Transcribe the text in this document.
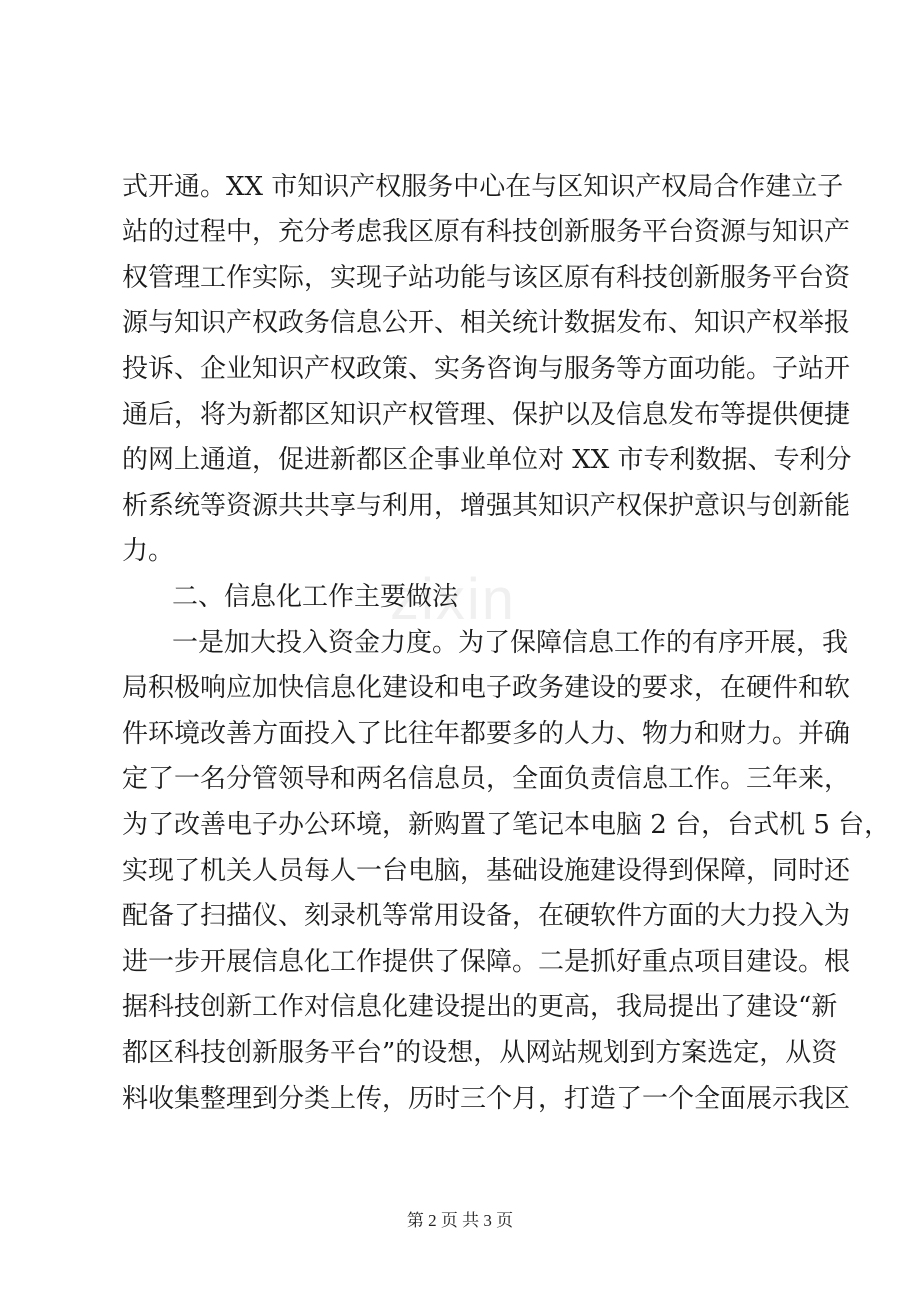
zixin
式开通。XX 市知识产权服务中心在与区知识产权局合作建立子
站的过程中，充分考虑我区原有科技创新服务平台资源与知识产
权管理工作实际，实现子站功能与该区原有科技创新服务平台资
源与知识产权政务信息公开、相关统计数据发布、知识产权举报
投诉、企业知识产权政策、实务咨询与服务等方面功能。子站开
通后，将为新都区知识产权管理、保护以及信息发布等提供便捷
的网上通道，促进新都区企事业单位对 XX 市专利数据、专利分
析系统等资源共共享与利用，增强其知识产权保护意识与创新能
力。
二、信息化工作主要做法
一是加大投入资金力度。为了保障信息工作的有序开展，我
局积极响应加快信息化建设和电子政务建设的要求，在硬件和软
件环境改善方面投入了比往年都要多的人力、物力和财力。并确
定了一名分管领导和两名信息员，全面负责信息工作。三年来，
为了改善电子办公环境，新购置了笔记本电脑 2 台，台式机 5 台，
实现了机关人员每人一台电脑，基础设施建设得到保障，同时还
配备了扫描仪、刻录机等常用设备，在硬软件方面的大力投入为
进一步开展信息化工作提供了保障。二是抓好重点项目建设。根
据科技创新工作对信息化建设提出的更高，我局提出了建设“新
都区科技创新服务平台”的设想，从网站规划到方案选定，从资
料收集整理到分类上传，历时三个月，打造了一个全面展示我区
第 2 页 共 3 页
